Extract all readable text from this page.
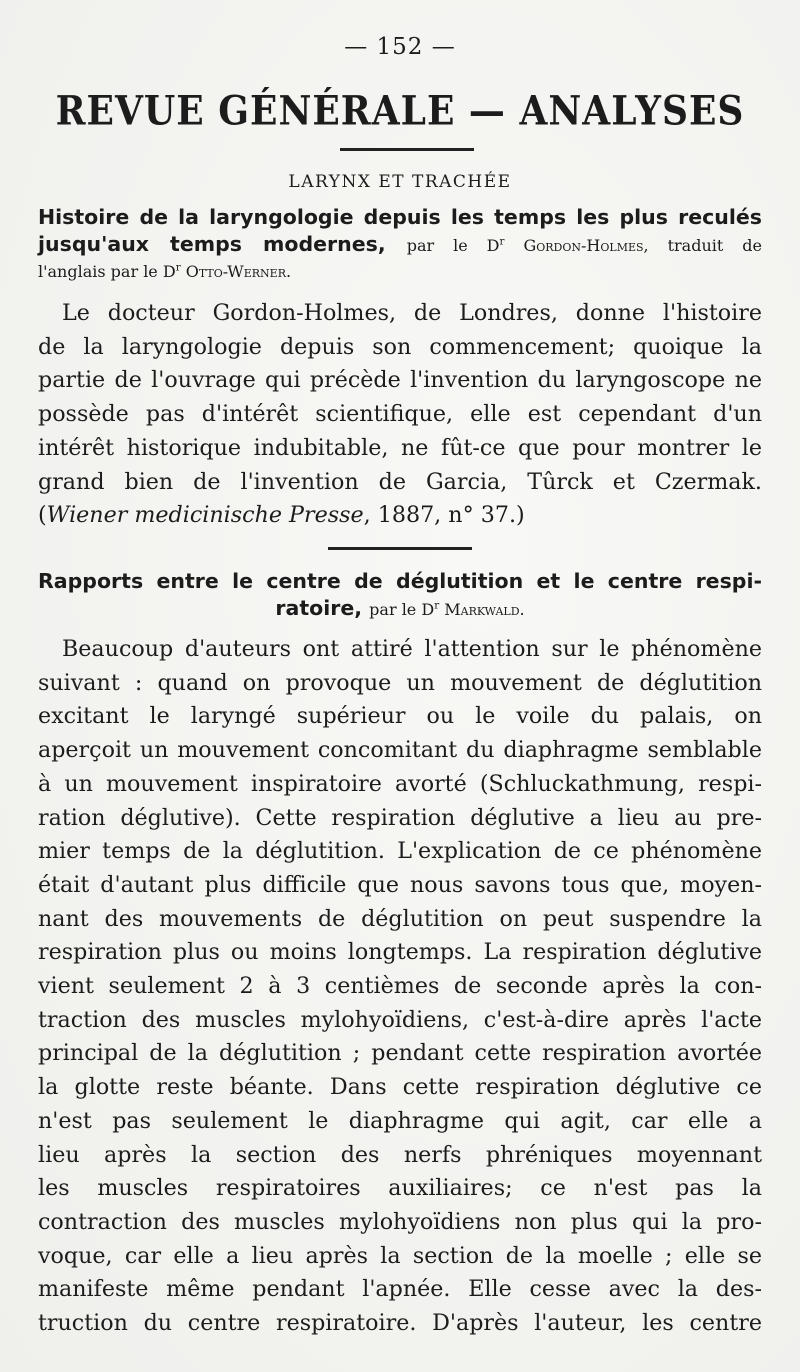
— 152 —
REVUE GÉNÉRALE — ANALYSES
LARYNX ET TRACHÉE
Histoire de la laryngologie depuis les temps les plus reculés
jusqu'aux temps modernes, par le $D^r$ Gordon-Holmes, traduit de
l'anglais par le $D^r$ Otto-Werner.
Le docteur Gordon-Holmes, de Londres, donne l'histoire
de la laryngologie depuis son commencement; quoique la
partie de l'ouvrage qui précède l'invention du laryngoscope ne
possède pas d'intérêt scientifique, elle est cependant d'un
intérêt historique indubitable, ne fût-ce que pour montrer le
grand bien de l'invention de Garcia, Tûrck et Czermak.
(Wiener medicinische Presse, 1887, n° 37.)
Rapports entre le centre de déglutition et le centre respi-
ratoire, par le $D^r$ Markwald.
Beaucoup d'auteurs ont attiré l'attention sur le phénomène
suivant : quand on provoque un mouvement de déglutition
excitant le laryngé supérieur ou le voile du palais, on
aperçoit un mouvement concomitant du diaphragme semblable
à un mouvement inspiratoire avorté (Schluckathmung, respi-
ration déglutive). Cette respiration déglutive a lieu au pre-
mier temps de la déglutition. L'explication de ce phénomène
était d'autant plus difficile que nous savons tous que, moyen-
nant des mouvements de déglutition on peut suspendre la
respiration plus ou moins longtemps. La respiration déglutive
vient seulement 2 à 3 centièmes de seconde après la con-
traction des muscles mylohyoïdiens, c'est-à-dire après l'acte
principal de la déglutition ; pendant cette respiration avortée
la glotte reste béante. Dans cette respiration déglutive ce
n'est pas seulement le diaphragme qui agit, car elle a
lieu après la section des nerfs phréniques moyennant
les muscles respiratoires auxiliaires; ce n'est pas la
contraction des muscles mylohyoïdiens non plus qui la pro-
voque, car elle a lieu après la section de la moelle ; elle se
manifeste même pendant l'apnée. Elle cesse avec la des-
truction du centre respiratoire. D'après l'auteur, les centre
